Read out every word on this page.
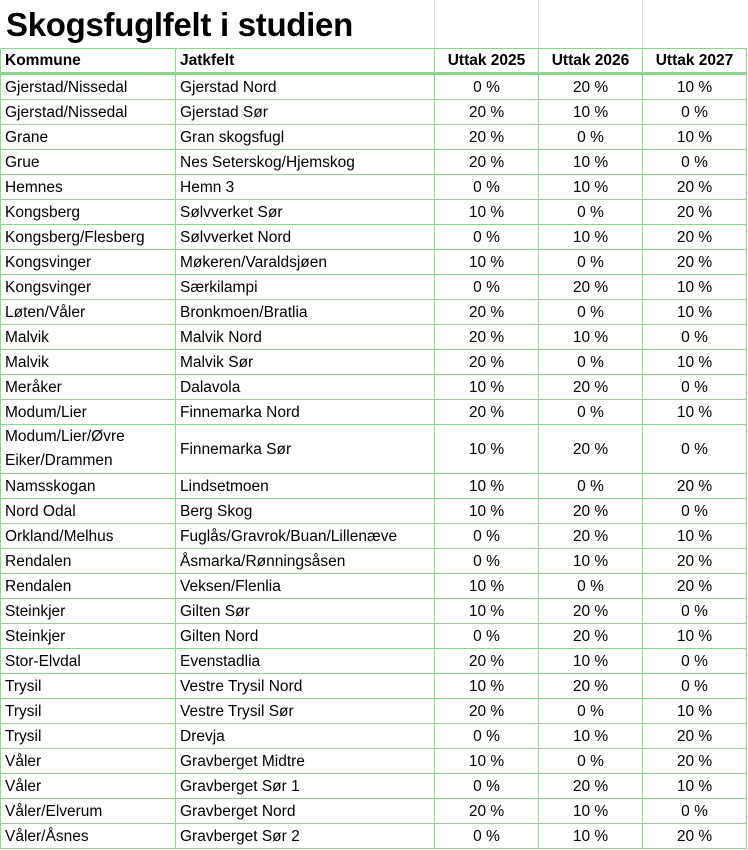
Skogsfuglfelt i studien
Kommune	Jatkfelt	Uttak 2025	Uttak 2026	Uttak 2027
Gjerstad/Nissedal	Gjerstad Nord	0 %	20 %	10 %
Gjerstad/Nissedal	Gjerstad Sør	20 %	10 %	0 %
Grane	Gran skogsfugl	20 %	0 %	10 %
Grue	Nes Seterskog/Hjemskog	20 %	10 %	0 %
Hemnes	Hemn 3	0 %	10 %	20 %
Kongsberg	Sølvverket Sør	10 %	0 %	20 %
Kongsberg/Flesberg	Sølvverket Nord	0 %	10 %	20 %
Kongsvinger	Møkeren/Varaldsjøen	10 %	0 %	20 %
Kongsvinger	Særkilampi	0 %	20 %	10 %
Løten/Våler	Bronkmoen/Bratlia	20 %	0 %	10 %
Malvik	Malvik Nord	20 %	10 %	0 %
Malvik	Malvik Sør	20 %	0 %	10 %
Meråker	Dalavola	10 %	20 %	0 %
Modum/Lier	Finnemarka Nord	20 %	0 %	10 %
Modum/Lier/Øvre Eiker/Drammen	Finnemarka Sør	10 %	20 %	0 %
Namsskogan	Lindsetmoen	10 %	0 %	20 %
Nord Odal	Berg Skog	10 %	20 %	0 %
Orkland/Melhus	Fuglås/Gravrok/Buan/Lillenæve	0 %	20 %	10 %
Rendalen	Åsmarka/Rønningsåsen	0 %	10 %	20 %
Rendalen	Veksen/Flenlia	10 %	0 %	20 %
Steinkjer	Gilten Sør	10 %	20 %	0 %
Steinkjer	Gilten Nord	0 %	20 %	10 %
Stor-Elvdal	Evenstadlia	20 %	10 %	0 %
Trysil	Vestre Trysil Nord	10 %	20 %	0 %
Trysil	Vestre Trysil Sør	20 %	0 %	10 %
Trysil	Drevja	0 %	10 %	20 %
Våler	Gravberget Midtre	10 %	0 %	20 %
Våler	Gravberget Sør 1	0 %	20 %	10 %
Våler/Elverum	Gravberget Nord	20 %	10 %	0 %
Våler/Åsnes	Gravberget Sør 2	0 %	10 %	20 %
